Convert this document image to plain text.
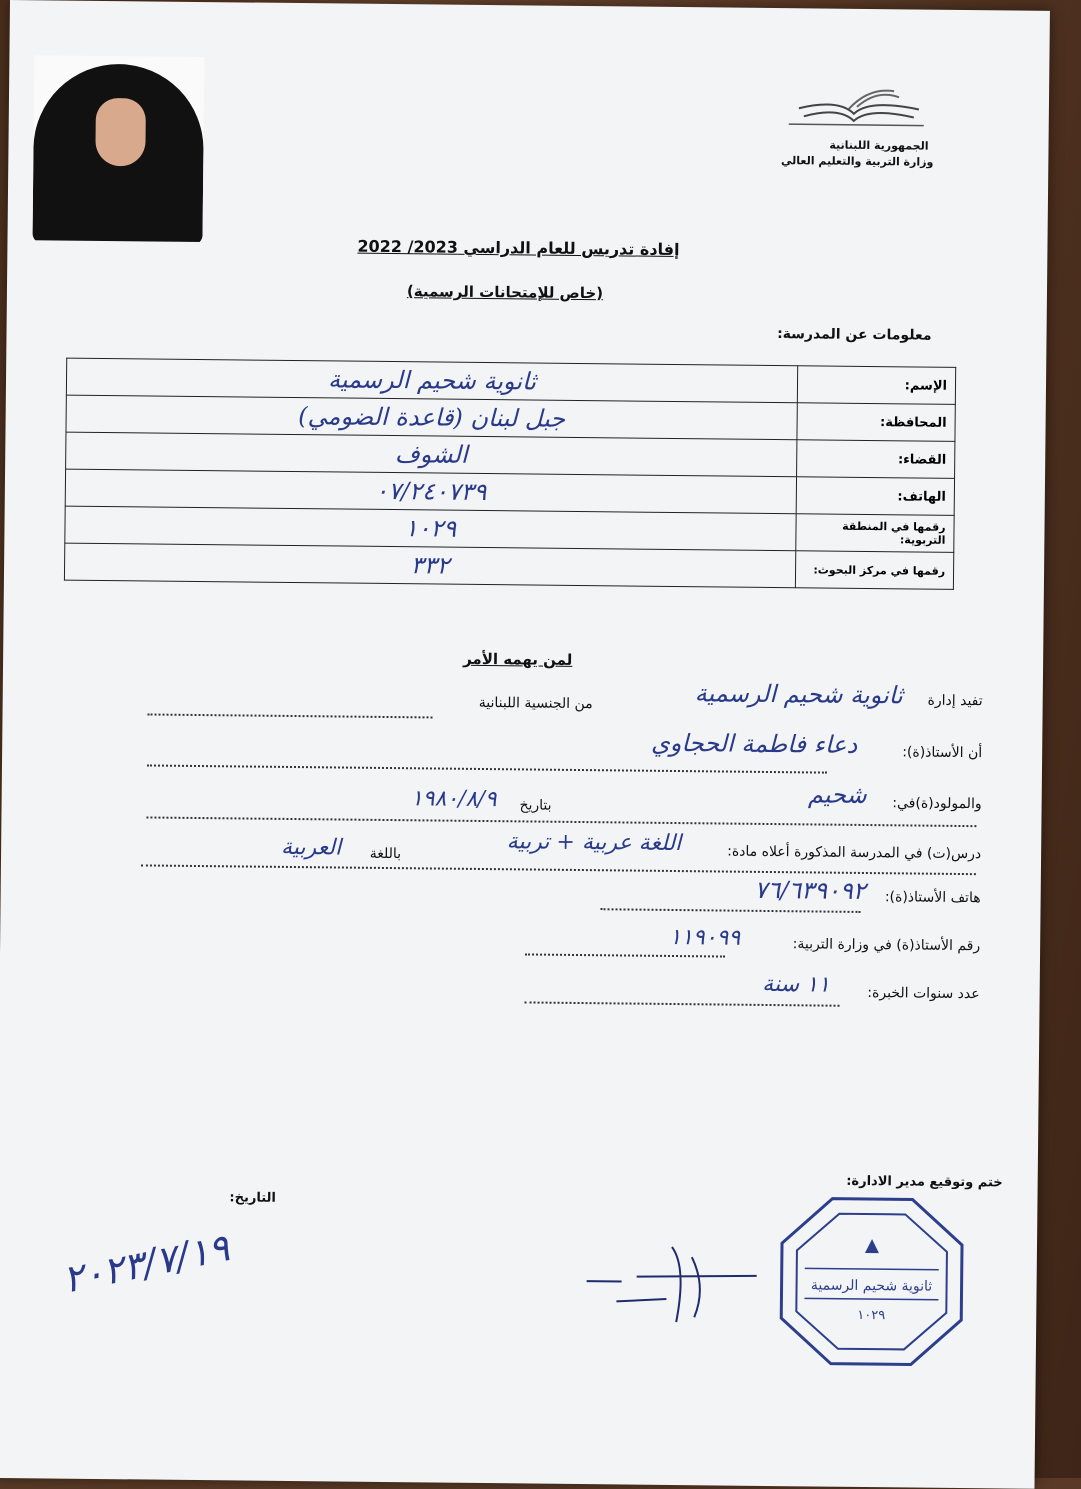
الجمهورية اللبنانية
وزارة التربية والتعليم العالي
إفادة تدريس للعام الدراسي 2023/ 2022
(خاص للإمتحانات الرسمية)
معلومات عن المدرسة:
ثانوية شحيم الرسمية	الإسم:

جبل لبنان (قاعدة الضومي)	المحافظة:

الشوف	القضاء:

٠٧/٢٤٠٧٣٩	الهاتف:

١٠٢٩	رقمها في المنطقة التربوية:

٣٣٢	رقمها في مركز البحوث:
لمن يهمه الأمر
تفيد إدارة
ثانوية شحيم الرسمية
من الجنسية اللبنانية
أن الأستاذ(ة):
دعاء فاطمة الحجاوي
والمولود(ة)في:
شحيم
بتاريخ
١٩٨٠/٨/٩
درس(ت) في المدرسة المذكورة أعلاه مادة:
اللغة عربية + تربية
باللغة
العربية
هاتف الأستاذ(ة):
٧٦/٦٣٩٠٩٢
رقم الأستاذ(ة) في وزارة التربية:
١١٩٠٩٩
عدد سنوات الخبرة:
١١ سنة
ختم وتوقيع مدير الادارة:
التاريخ:
٢٠٢٣/٧/١٩	ثانوية شحيم الرسمية
١٠٢٩
